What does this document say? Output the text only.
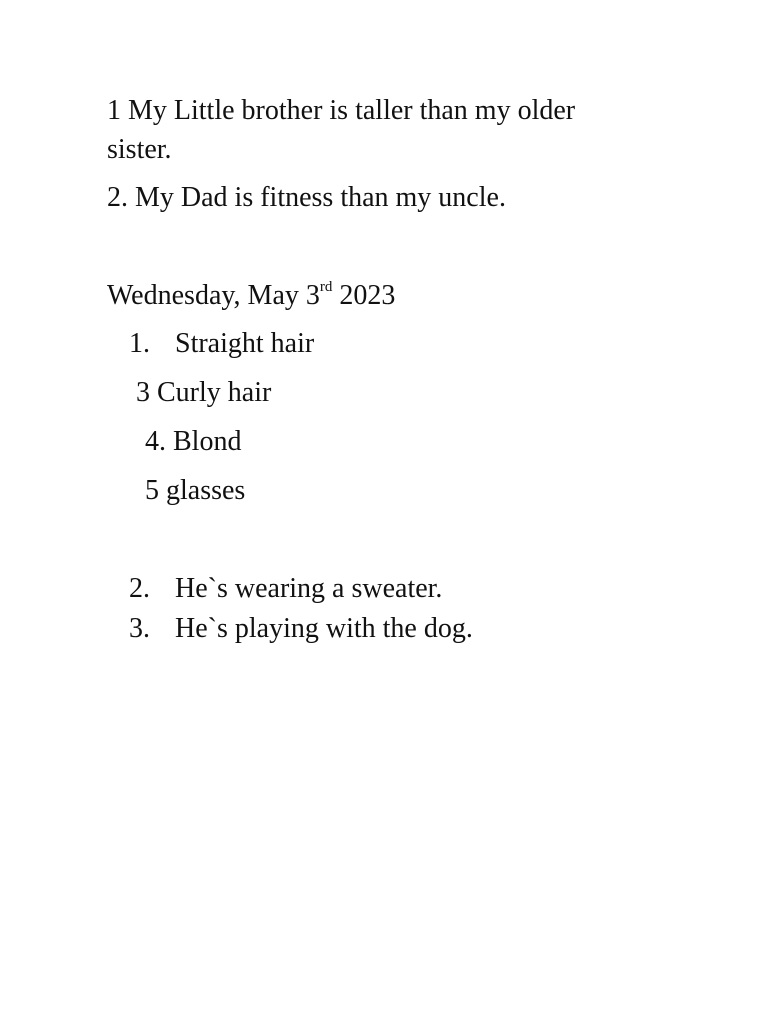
1 My Little brother is taller than my older
sister.
2. My Dad is fitness than my uncle.
Wednesday, May 3rd 2023
1. Straight hair
3 Curly hair
4. Blond
5 glasses
2. He`s wearing a sweater.
3. He`s playing with the dog.
